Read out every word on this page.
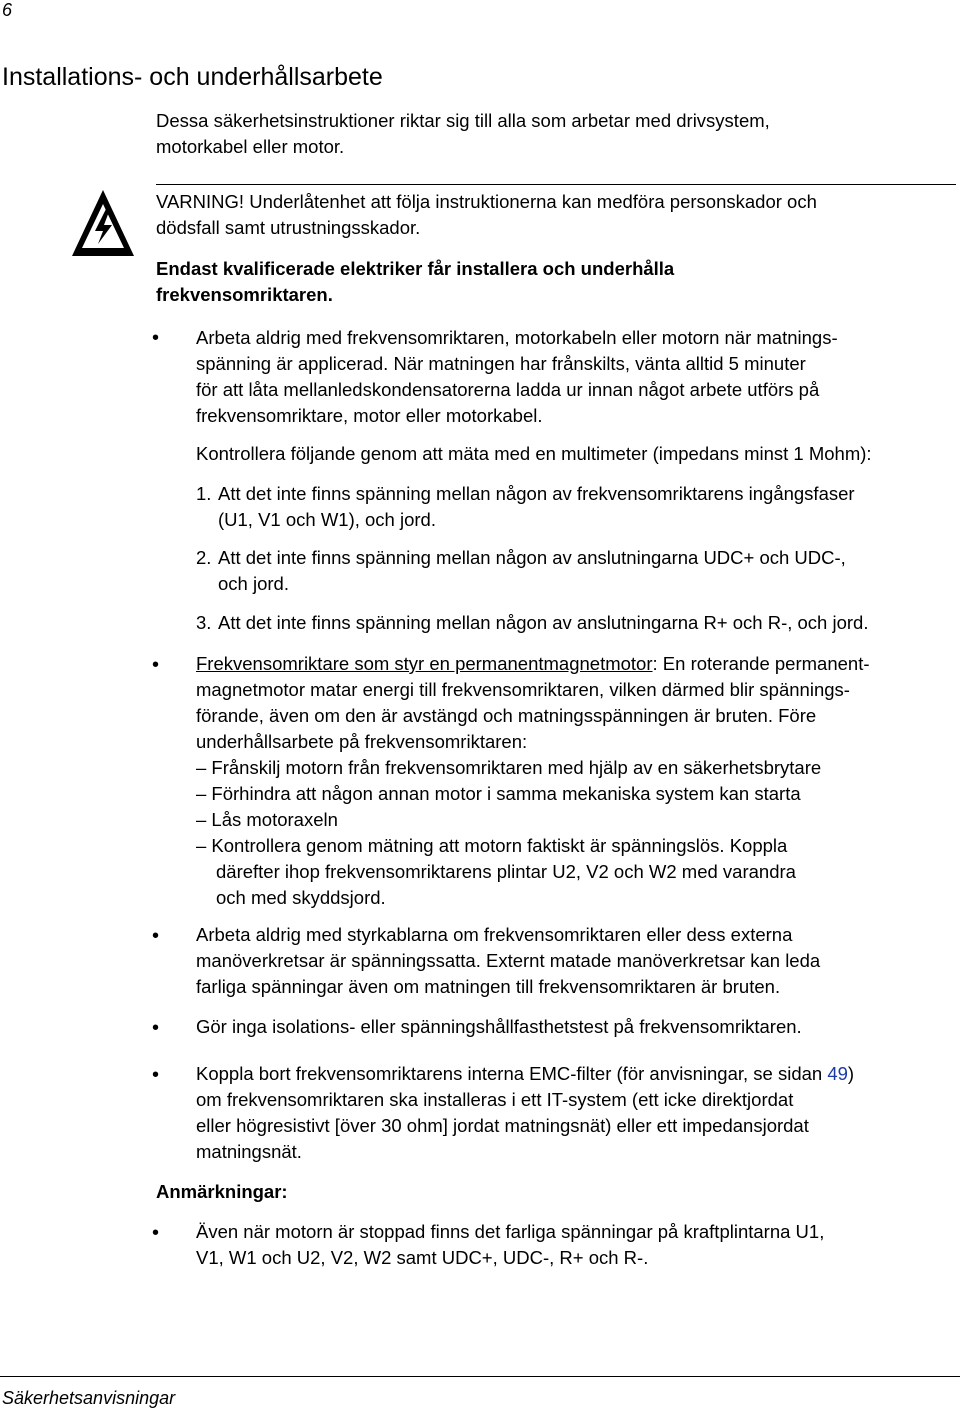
6
Installations- och underhållsarbete
Dessa säkerhetsinstruktioner riktar sig till alla som arbetar med drivsystem,
motorkabel eller motor.
VARNING! Underlåtenhet att följa instruktionerna kan medföra personskador och
dödsfall samt utrustningsskador.
Endast kvalificerade elektriker får installera och underhålla
frekvensomriktaren.
• Arbeta aldrig med frekvensomriktaren, motorkabeln eller motorn när matnings-
spänning är applicerad. När matningen har frånskilts, vänta alltid 5 minuter
för att låta mellanledskondensatorerna ladda ur innan något arbete utförs på
frekvensomriktare, motor eller motorkabel.
Kontrollera följande genom att mäta med en multimeter (impedans minst 1 Mohm):
1. Att det inte finns spänning mellan någon av frekvensomriktarens ingångsfaser
(U1, V1 och W1), och jord.
2. Att det inte finns spänning mellan någon av anslutningarna UDC+ och UDC-,
och jord.
3. Att det inte finns spänning mellan någon av anslutningarna R+ och R-, och jord.
• Frekvensomriktare som styr en permanentmagnetmotor: En roterande permanent-
magnetmotor matar energi till frekvensomriktaren, vilken därmed blir spännings-
förande, även om den är avstängd och matningsspänningen är bruten. Före
underhållsarbete på frekvensomriktaren:
– Frånskilj motorn från frekvensomriktaren med hjälp av en säkerhetsbrytare
– Förhindra att någon annan motor i samma mekaniska system kan starta
– Lås motoraxeln
– Kontrollera genom mätning att motorn faktiskt är spänningslös. Koppla
därefter ihop frekvensomriktarens plintar U2, V2 och W2 med varandra
och med skyddsjord.
• Arbeta aldrig med styrkablarna om frekvensomriktaren eller dess externa
manöverkretsar är spänningssatta. Externt matade manöverkretsar kan leda
farliga spänningar även om matningen till frekvensomriktaren är bruten.
• Gör inga isolations- eller spänningshållfasthetstest på frekvensomriktaren.
• Koppla bort frekvensomriktarens interna EMC-filter (för anvisningar, se sidan 49)
om frekvensomriktaren ska installeras i ett IT-system (ett icke direktjordat
eller högresistivt [över 30 ohm] jordat matningsnät) eller ett impedansjordat
matningsnät.
Anmärkningar:
• Även när motorn är stoppad finns det farliga spänningar på kraftplintarna U1,
V1, W1 och U2, V2, W2 samt UDC+, UDC-, R+ och R-.
Säkerhetsanvisningar
